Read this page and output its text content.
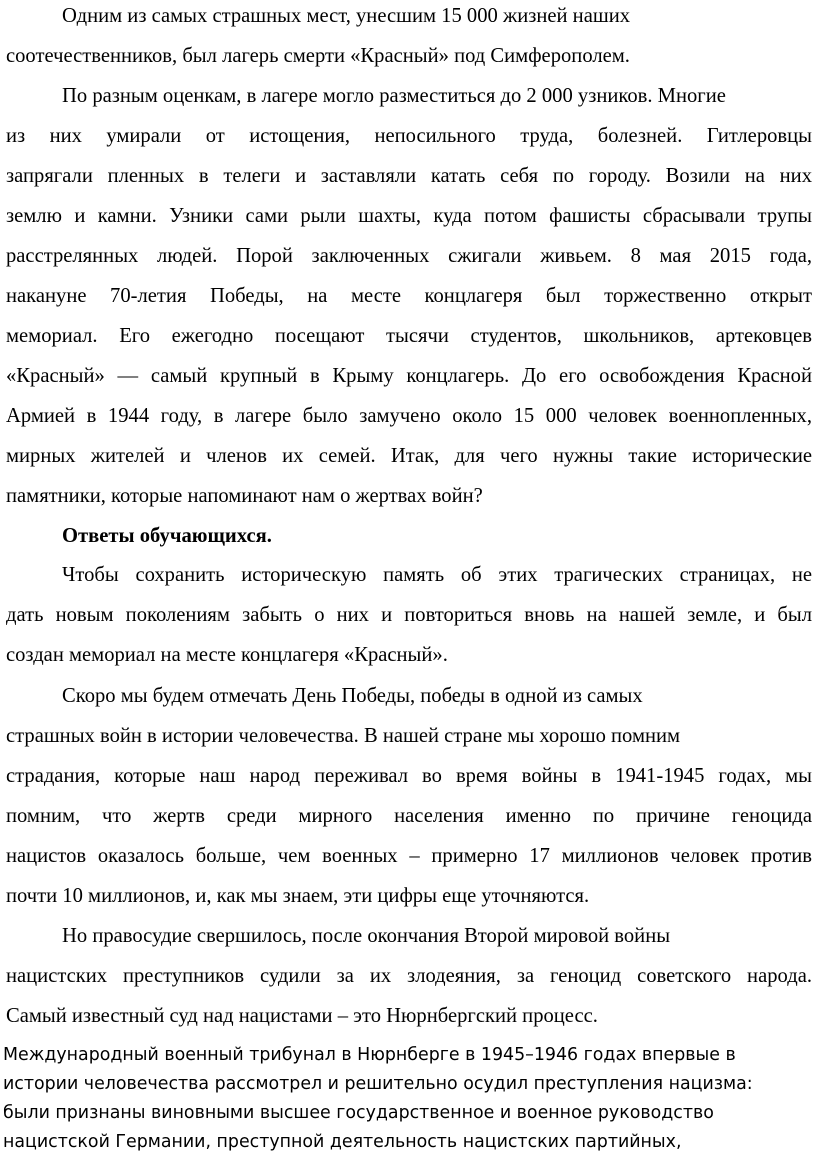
Одним из самых страшных мест, унесшим 15 000 жизней наших
соотечественников, был лагерь смерти «Красный» под Симферополем.
По разным оценкам, в лагере могло разместиться до 2 000 узников. Многие
из них умирали от истощения, непосильного труда, болезней. Гитлеровцы
запрягали пленных в телеги и заставляли катать себя по городу. Возили на них
землю и камни. Узники сами рыли шахты, куда потом фашисты сбрасывали трупы
расстрелянных людей. Порой заключенных сжигали живьем. 8 мая 2015 года,
накануне 70-летия Победы, на месте концлагеря был торжественно открыт
мемориал. Его ежегодно посещают тысячи студентов, школьников, артековцев
«Красный» — самый крупный в Крыму концлагерь. До его освобождения Красной
Армией в 1944 году, в лагере было замучено около 15 000 человек военнопленных,
мирных жителей и членов их семей. Итак, для чего нужны такие исторические
памятники, которые напоминают нам о жертвах войн?
Ответы обучающихся.
Чтобы сохранить историческую память об этих трагических страницах, не
дать новым поколениям забыть о них и повториться вновь на нашей земле, и был
создан мемориал на месте концлагеря «Красный».
Скоро мы будем отмечать День Победы, победы в одной из самых
страшных войн в истории человечества. В нашей стране мы хорошо помним
страдания, которые наш народ переживал во время войны в 1941-1945 годах, мы
помним, что жертв среди мирного населения именно по причине геноцида
нацистов оказалось больше, чем военных – примерно 17 миллионов человек против
почти 10 миллионов, и, как мы знаем, эти цифры еще уточняются.
Но правосудие свершилось, после окончания Второй мировой войны
нацистских преступников судили за их злодеяния, за геноцид советского народа.
Самый известный суд над нацистами – это Нюрнбергский процесс.
Международный военный трибунал в Нюрнберге в 1945–1946 годах впервые в
истории человечества рассмотрел и решительно осудил преступления нацизма:
были признаны виновными высшее государственное и военное руководство
нацистской Германии, преступной деятельность нацистских партийных,
